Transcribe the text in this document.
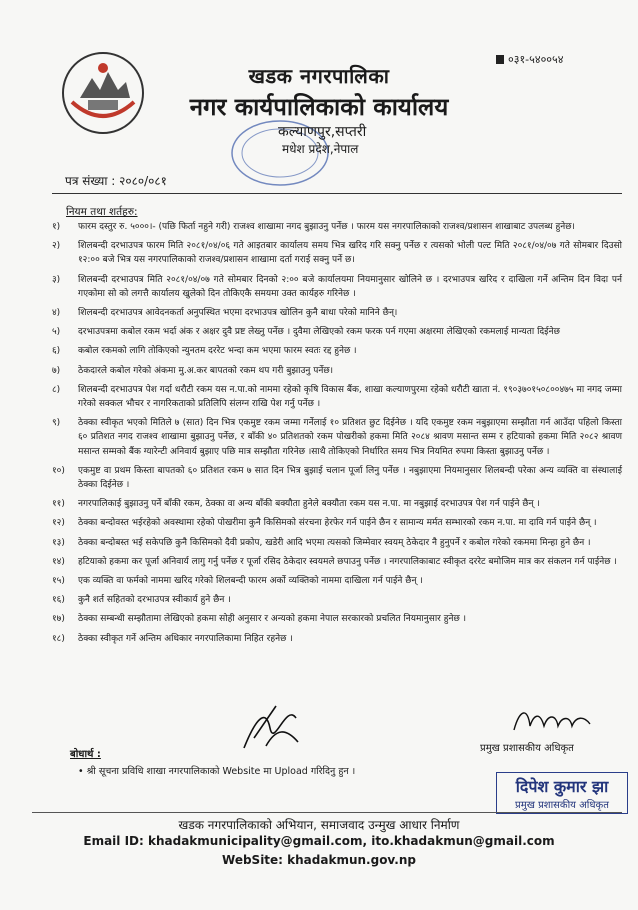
०३१-५४००५४
खडक नगरपालिका
नगर कार्यपालिकाको कार्यालय
कल्याणपुर,सप्तरी
मधेश प्रदेश,नेपाल
पत्र संख्या : २०८०/०८१
नियम तथा शर्तहरु:
१)	फारम दस्तुर रु. ५०००।- (पछि फिर्ता नहुने गरी) राजश्व शाखामा नगद बुझाउनु पर्नेछ । फारम यस नगरपालिकाको राजश्व/प्रशासन शाखाबाट उपलब्ध हुनेछ।
२)	शिलबन्दी दरभाउपत्र फारम मिति २०८१/०४/०६ गते आइतबार कार्यालय समय भित्र खरिद गरि सक्नु पर्नेछ र त्यसको भोली पल्ट मिति २०८१/०४/०७ गते सोमबार दिउसो १२:०० बजे भित्र यस नगरपालिकाको राजश्व/प्रशासन शाखामा दर्ता गराई सक्नु पर्ने छ।
३)	शिलबन्दी दरभाउपत्र मिति २०८१/०४/०७ गते सोमबार दिनको २:०० बजे कार्यालयमा नियमानुसार खोलिने छ । दरभाउपत्र खरिद र दाखिला गर्ने अन्तिम दिन विदा पर्न गएकोमा सो को लगत्तै कार्यालय खुलेको दिन तोकिएकै समयमा उक्त कार्यहरु गरिनेछ ।
४)	शिलबन्दी दरभाउपत्र आवेदनकर्ता अनुपस्थित भएमा दरभाउपत्र खोलिन कुनै बाधा परेको मानिने छैन्।
५)	दरभाउपत्रमा कबोल रकम भर्दा अंक र अक्षर दुवै प्रष्ट लेख्नु पर्नेछ । दुवैमा लेखिएको रकम फरक पर्न गएमा अक्षरमा लेखिएको रकमलाई मान्यता दिईनेछ
६)	कबोल रकमको लागि तोकिएको न्युनतम दररेट भन्दा कम भएमा फारम स्वतः रद्द हुनेछ ।
७)	ठेकदारले कबोल गरेको अंकमा मु.अ.कर बापतको रकम थप गरी बुझाउनु पर्नेछ।
८)	शिलबन्दी दरभाउपत्र पेश गर्दा धरौटी रकम यस न.पा.को नाममा रहेको कृषि विकास बैंक, शाखा कल्याणपुरमा रहेको धरौटी खाता नं. १९०३७०१५०८००४७५ मा नगद जम्मा गरेको सक्कल भौचर र नागरिकताको प्रतिलिपि संलग्न राखि पेश गर्नु पर्नेछ ।
९)	ठेक्का स्वीकृत भएको मितिले ७ (सात) दिन भित्र एकमुष्ट रकम जम्मा गर्नेलाई १० प्रतिशत छुट दिईनेछ । यदि एकमुष्ट रकम नबुझाएमा सम्झौता गर्न आउँदा पहिलो किस्ता ६० प्रतिशत नगद राजश्व शाखामा बुझाउनु पर्नेछ, र बाँकी ४० प्रतिशतको रकम पोखरीको हकमा मिति २०८४ श्रावण मसान्त सम्म र हटियाको हकमा मिति २०८२ श्रावण मसान्त सम्मको बैंक ग्यारेन्टी अनिवार्य बुझाए पछि मात्र सम्झौता गरिनेछ ।साथै तोकिएको निर्धारित समय भित्र नियमित रुपमा किस्ता बुझाउनु पर्नेछ ।
१०)	एकमुष्ट वा प्रथम किस्ता बापतको ६० प्रतिशत रकम ७ सात दिन भित्र बुझाई चलान पूर्जा लिनु पर्नेछ । नबुझाएमा नियमानुसार शिलबन्दी परेका अन्य व्यक्ति वा संस्थालाई ठेक्का दिईनेछ ।
११)	नगरपालिकाई बुझाउनु पर्ने बाँकी रकम, ठेक्का वा अन्य बाँकी बक्यौता हुनेले बक्यौता रकम यस न.पा. मा नबुझाई दरभाउपत्र पेश गर्न पाईने छैन् ।
१२)	ठेक्का बन्दोवस्त भईरहेको अवस्थामा रहेको पोखरीमा कुनै किसिमको संरचना हेरफेर गर्न पाईने छैन र सामान्य मर्मत सम्भारको रकम न.पा. मा दावि गर्न पाईने छैन् ।
१३)	ठेक्का बन्दोबस्त भई सकेपछि कुनै किसिमको दैवी प्रकोप, खडेरी आदि भएमा त्यसको जिम्मेवार स्वयम् ठेकेदार नै हुनुपर्ने र कबोल गरेको रकममा मिन्हा हुने छैन ।
१४)	हटियाको हकमा कर पूर्जा अनिवार्य लागु गर्नु पर्नेछ र पूर्जा रसिद ठेकेदार स्वयमले छपाउनु पर्नेछ । नगरपालिकाबाट स्वीकृत दररेट बमोजिम मात्र कर संकलन गर्न पाईनेछ ।
१५)	एक व्यक्ति वा फर्मको नाममा खरिद गरेको शिलबन्दी फारम अर्को व्यक्तिको नाममा दाखिला गर्न पाईने छैन् ।
१६)	कुनै शर्त सहितको दरभाउपत्र स्वीकार्य हुने छैन ।
१७)	ठेक्का सम्बन्धी सम्झौतामा लेखिएको हकमा सोही अनुसार र अन्यको हकमा नेपाल सरकारको प्रचलित नियमानुसार हुनेछ ।
१८)	ठेक्का स्वीकृत गर्ने अन्तिम अधिकार नगरपालिकामा निहित रहनेछ ।
प्रमुख प्रशासकीय अधिकृत
बोधार्थ :
• श्री सूचना प्रविधि शाखा नगरपालिकाको Website मा Upload गरिदिनु हुन ।
दिपेश कुमार झा
प्रमुख प्रशासकीय अधिकृत
खडक नगरपालिकाको अभियान, समाजवाद उन्मुख आधार निर्माण
Email ID: khadakmunicipality@gmail.com, ito.khadakmun@gmail.com
WebSite: khadakmun.gov.np
